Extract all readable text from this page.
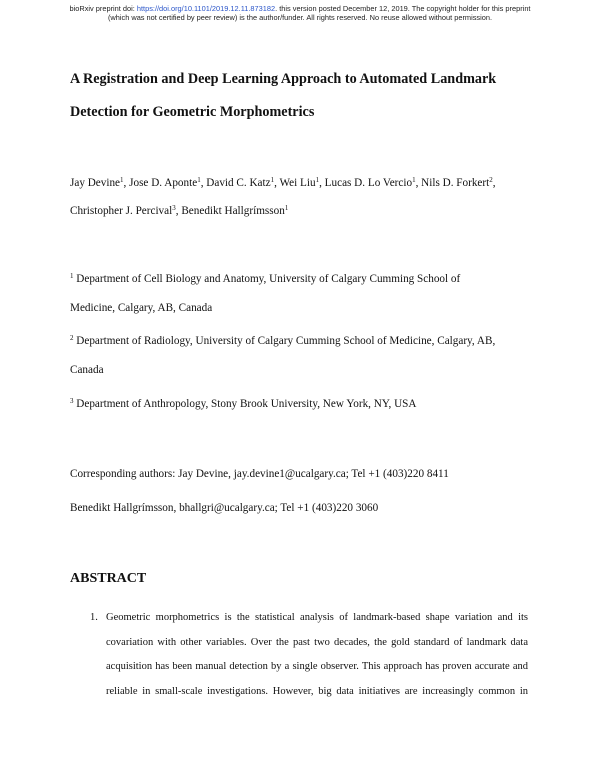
bioRxiv preprint doi: https://doi.org/10.1101/2019.12.11.873182. this version posted December 12, 2019. The copyright holder for this preprint
(which was not certified by peer review) is the author/funder. All rights reserved. No reuse allowed without permission.
A Registration and Deep Learning Approach to Automated Landmark
Detection for Geometric Morphometrics
Jay Devine$^1$, Jose D. Aponte$^1$, David C. Katz$^1$, Wei Liu$^1$, Lucas D. Lo Vercio$^1$, Nils D. Forkert$^2$,
Christopher J. Percival$^3$, Benedikt Hallgrímsson$^1$
$^1$ Department of Cell Biology and Anatomy, University of Calgary Cumming School of
Medicine, Calgary, AB, Canada
$^2$ Department of Radiology, University of Calgary Cumming School of Medicine, Calgary, AB,
Canada
$^3$ Department of Anthropology, Stony Brook University, New York, NY, USA
Corresponding authors: Jay Devine, jay.devine1@ucalgary.ca; Tel +1 (403)220 8411
Benedikt Hallgrímsson, bhallgri@ucalgary.ca; Tel +1 (403)220 3060
ABSTRACT
1. Geometric morphometrics is the statistical analysis of landmark-based shape variation and its
covariation with other variables. Over the past two decades, the gold standard of landmark data
acquisition has been manual detection by a single observer. This approach has proven accurate and
reliable in small-scale investigations. However, big data initiatives are increasingly common in
